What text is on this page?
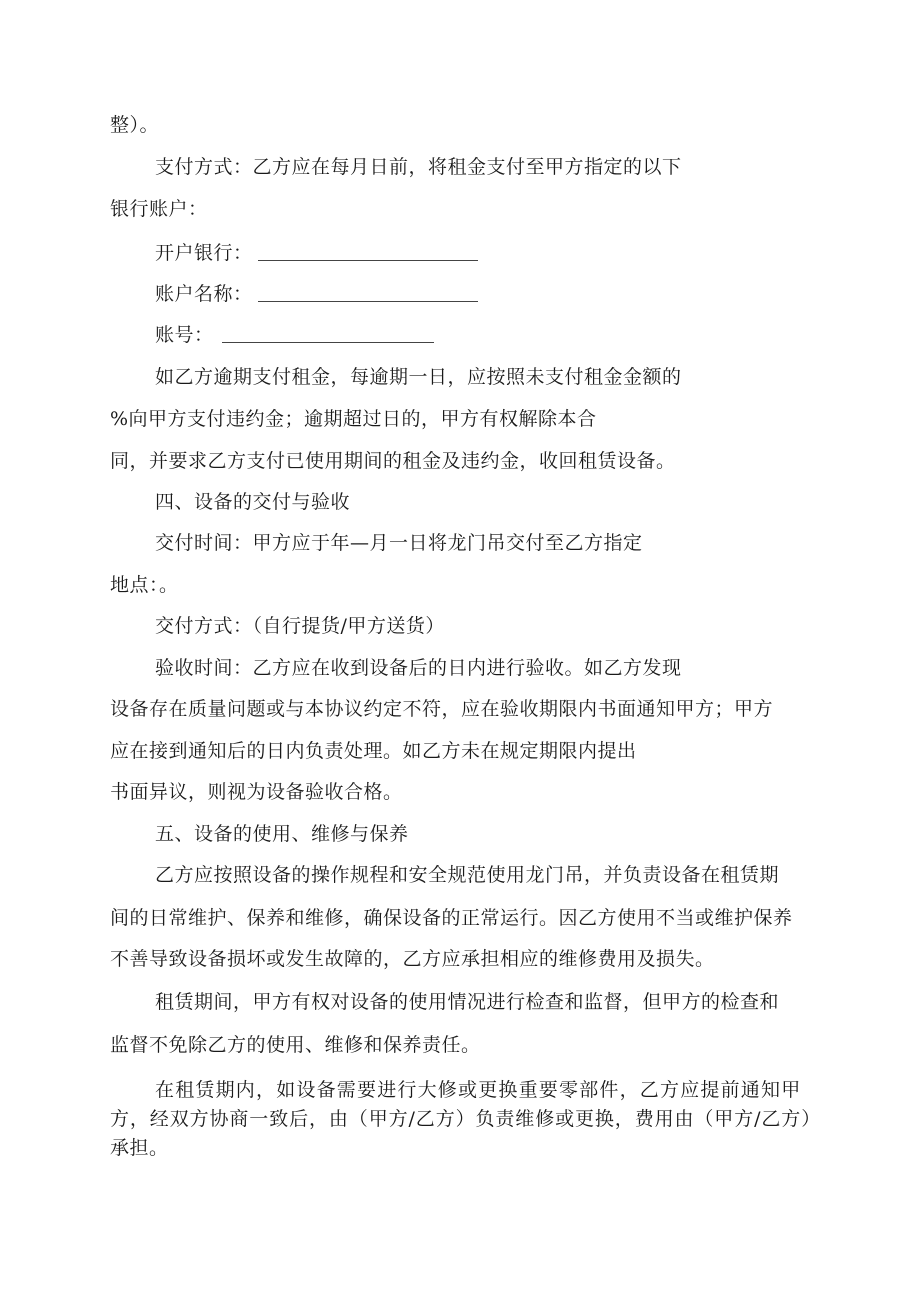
整）。
支付方式：乙方应在每月日前，将租金支付至甲方指定的以下
银行账户：
开户银行：
账户名称：
账号：
如乙方逾期支付租金，每逾期一日，应按照未支付租金金额的
%向甲方支付违约金；逾期超过日的，甲方有权解除本合
同，并要求乙方支付已使用期间的租金及违约金，收回租赁设备。
四、设备的交付与验收
交付时间：甲方应于年—月一日将龙门吊交付至乙方指定
地点：。
交付方式：（自行提货/甲方送货）
验收时间：乙方应在收到设备后的日内进行验收。如乙方发现
设备存在质量问题或与本协议约定不符，应在验收期限内书面通知甲方；甲方
应在接到通知后的日内负责处理。如乙方未在规定期限内提出
书面异议，则视为设备验收合格。
五、设备的使用、维修与保养
乙方应按照设备的操作规程和安全规范使用龙门吊，并负责设备在租赁期
间的日常维护、保养和维修，确保设备的正常运行。因乙方使用不当或维护保养
不善导致设备损坏或发生故障的，乙方应承担相应的维修费用及损失。
租赁期间，甲方有权对设备的使用情况进行检查和监督，但甲方的检查和
监督不免除乙方的使用、维修和保养责任。
在租赁期内，如设备需要进行大修或更换重要零部件，乙方应提前通知甲
方，经双方协商一致后，由（甲方/乙方）负责维修或更换，费用由（甲方/乙方）
承担。
